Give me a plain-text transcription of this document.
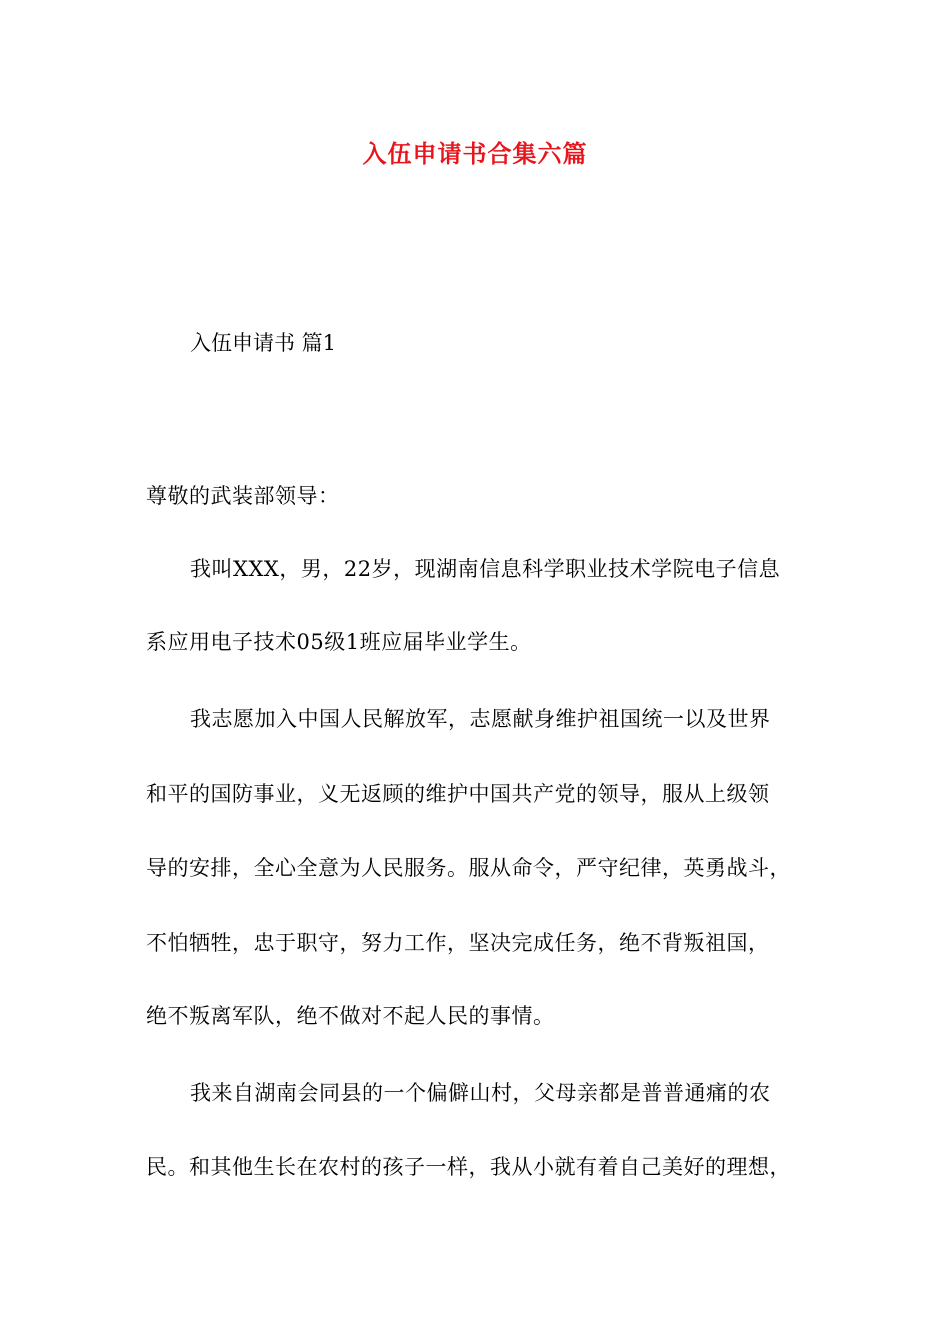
入伍申请书合集六篇
入伍申请书 篇1
尊敬的武装部领导：
我叫XXX，男，22岁，现湖南信息科学职业技术学院电子信息
系应用电子技术05级1班应届毕业学生。
我志愿加入中国人民解放军，志愿献身维护祖国统一以及世界
和平的国防事业，义无返顾的维护中国共产党的领导，服从上级领
导的安排，全心全意为人民服务。服从命令，严守纪律，英勇战斗，
不怕牺牲，忠于职守，努力工作，坚决完成任务，绝不背叛祖国，
绝不叛离军队，绝不做对不起人民的事情。
我来自湖南会同县的一个偏僻山村，父母亲都是普普通痛的农
民。和其他生长在农村的孩子一样，我从小就有着自己美好的理想，
